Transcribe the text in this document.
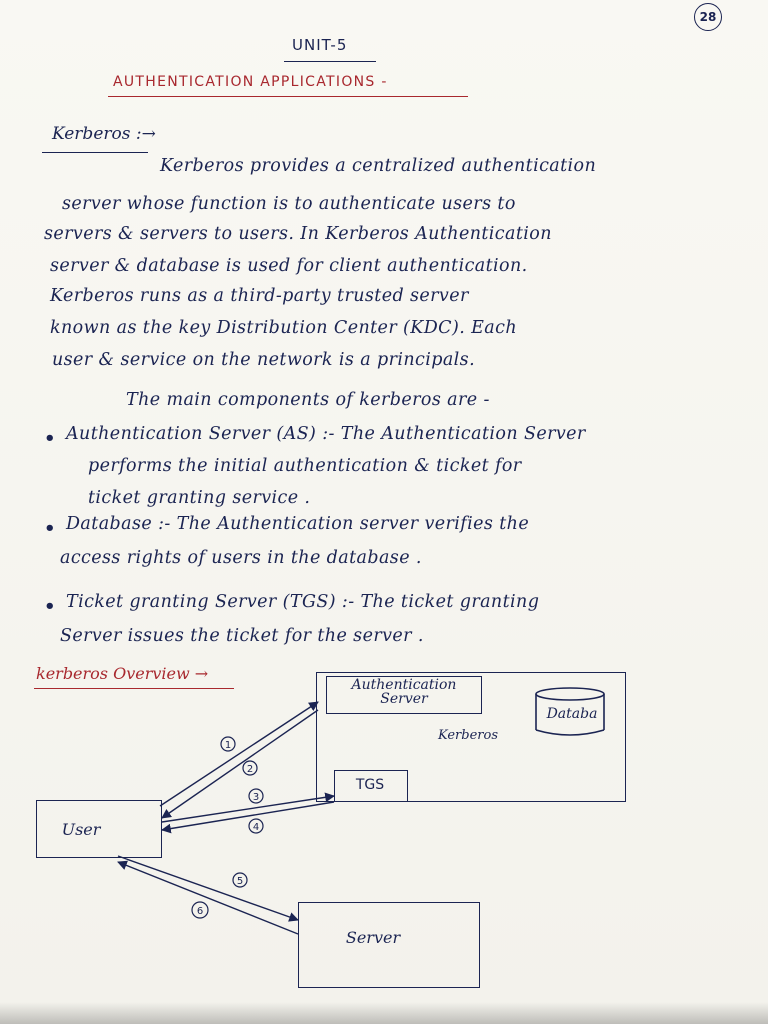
28
UNIT-5
AUTHENTICATION APPLICATIONS -
Kerberos :→
Kerberos provides a centralized authentication
server whose function is to authenticate users to
servers & servers to users. In Kerberos Authentication
server & database is used for client authentication.
Kerberos runs as a third-party trusted server
known as the key Distribution Center (KDC). Each
user & service on the network is a principals.
The main components of kerberos are -
• Authentication Server (AS) :- The Authentication Server
performs the initial authentication & ticket for
ticket granting service .
• Database :- The Authentication server verifies the
access rights of users in the database .
• Ticket granting Server (TGS) :- The ticket granting
Server issues the ticket for the server .
kerberos Overview →
Authentication Server
Databa
Kerberos
TGS
User
Server
1
2
3
4
5
6
